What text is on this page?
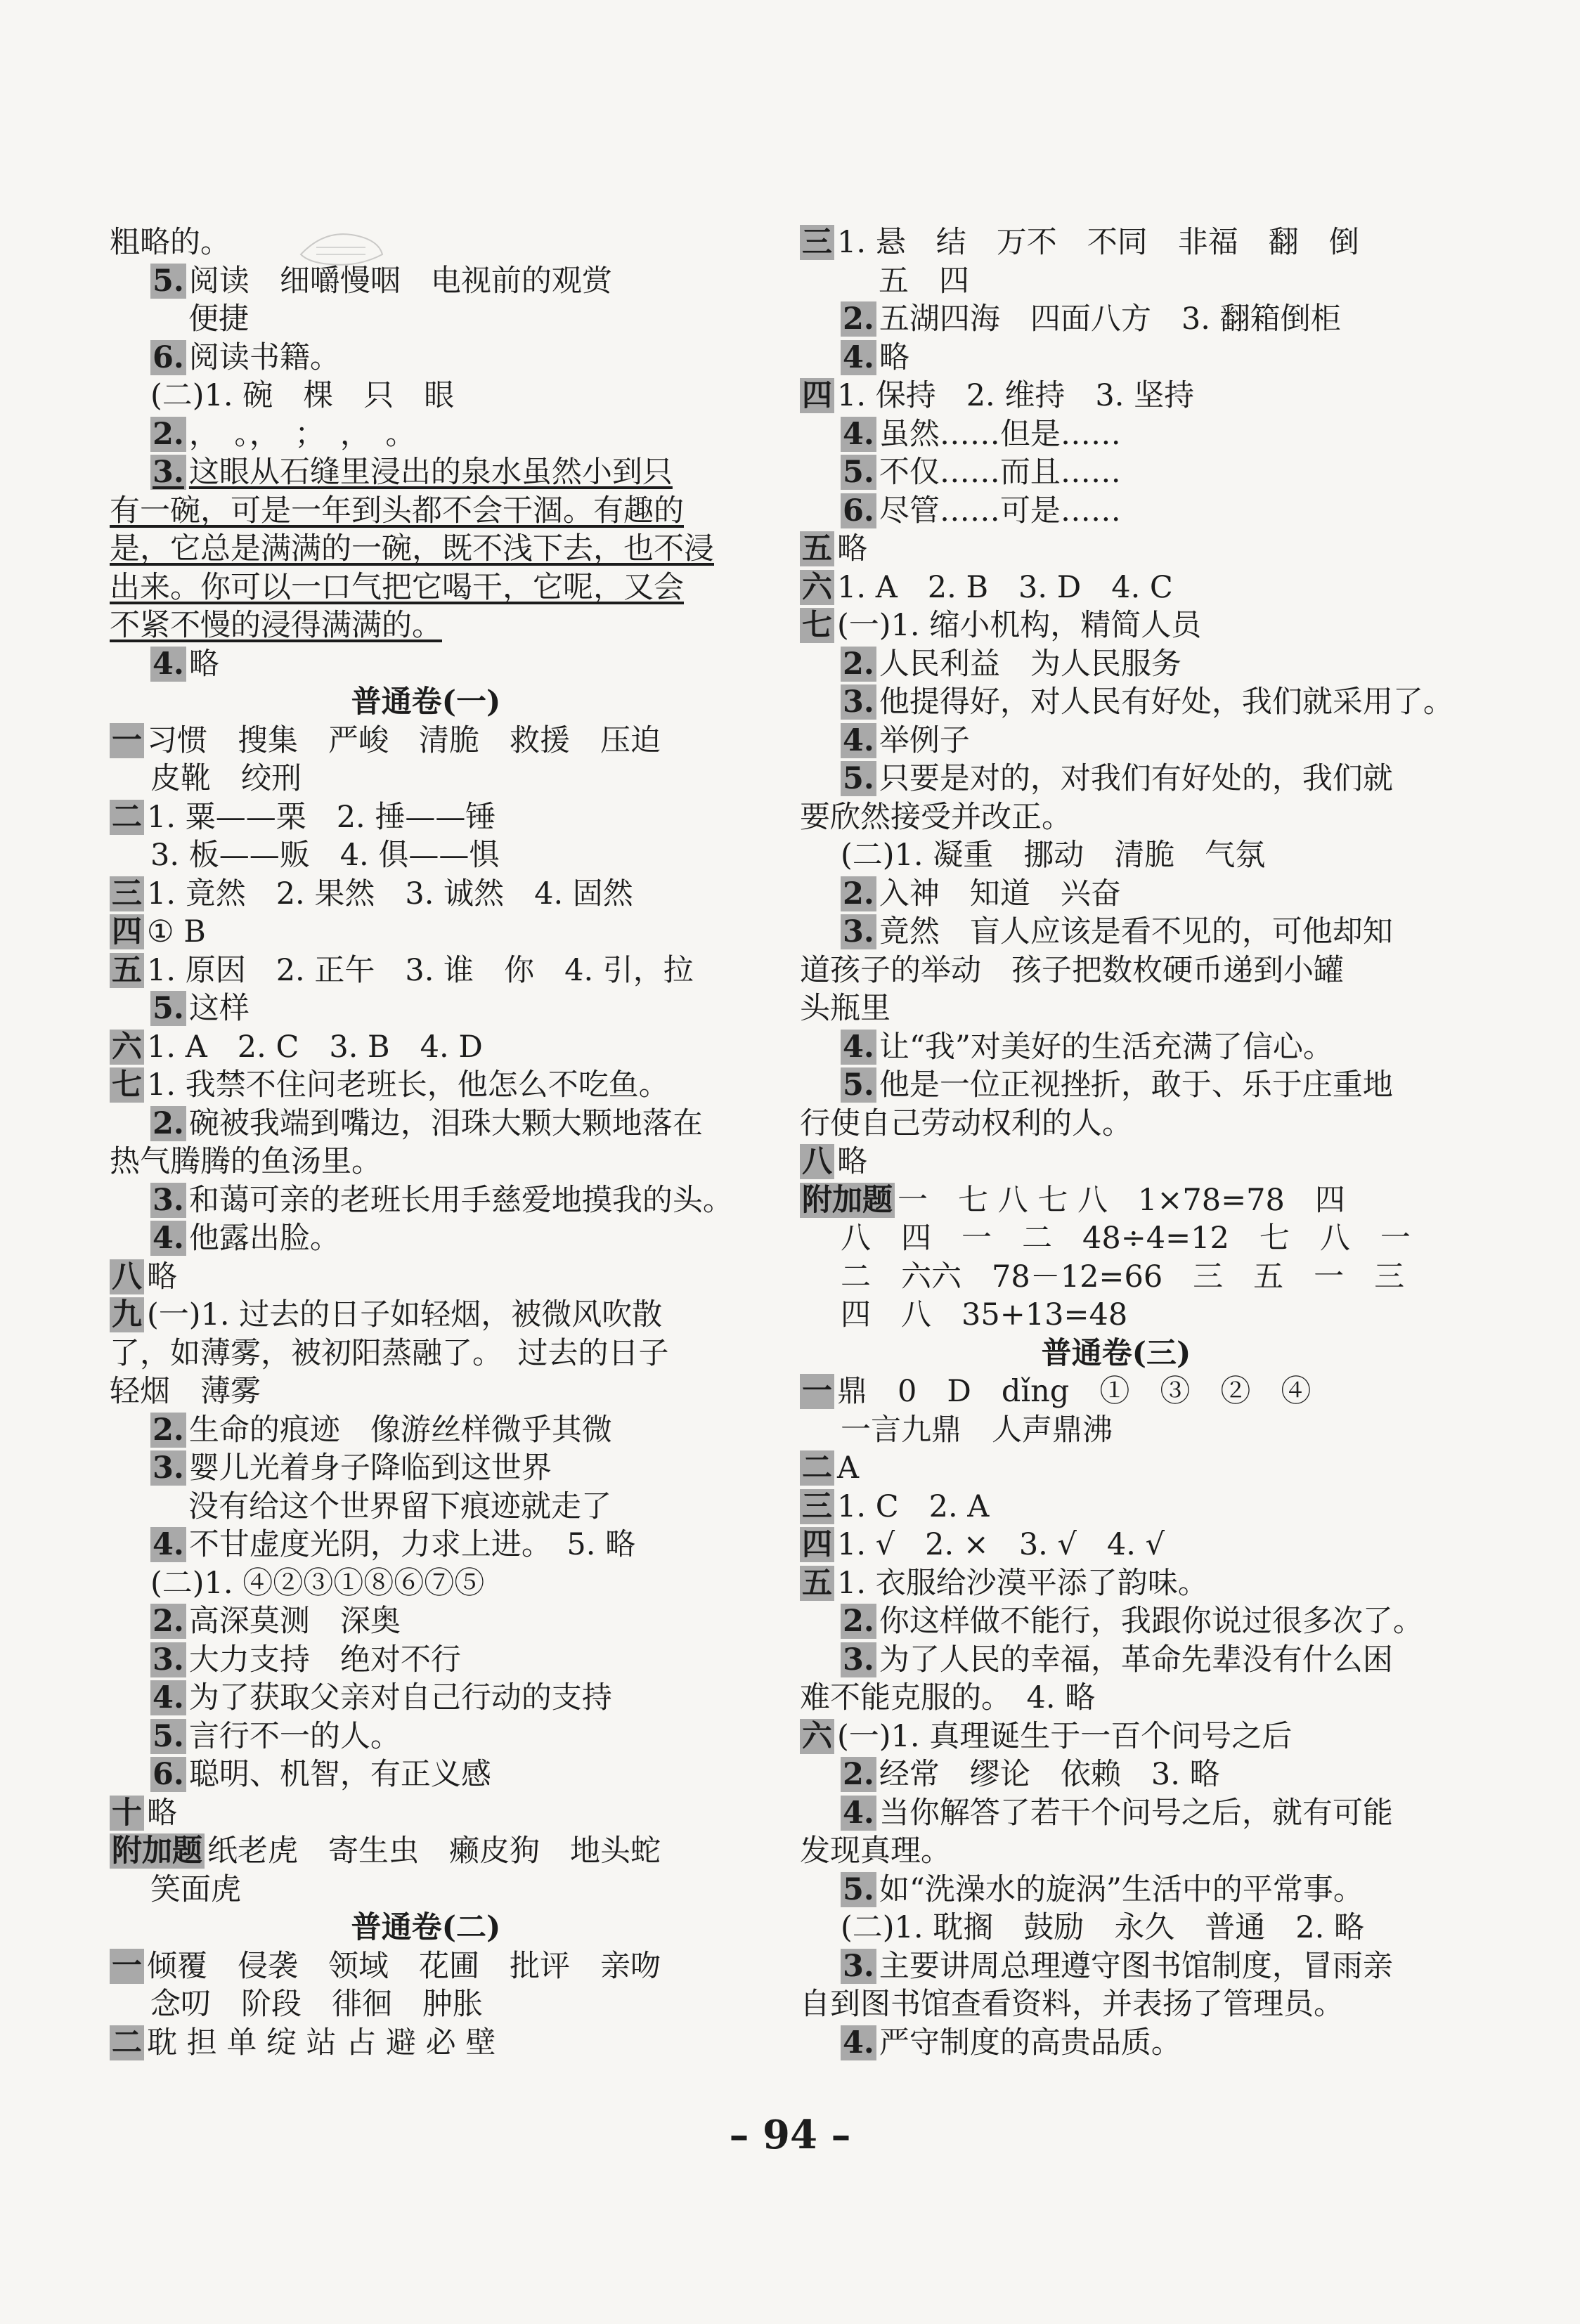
粗略的。
5. 阅读　细嚼慢咽　电视前的观赏
便捷
6. 阅读书籍。
(二)1. 碗　棵　只　眼
2. ，　。，　；　，　。
3. 这眼从石缝里浸出的泉水虽然小到只
有一碗，可是一年到头都不会干涸。有趣的
是，它总是满满的一碗，既不浅下去，也不浸
出来。你可以一口气把它喝干，它呢，又会
不紧不慢的浸得满满的。
4. 略
普通卷(一)
一 习惯　搜集　严峻　清脆　救援　压迫
皮靴　绞刑
二 1. 粟——栗　2. 捶——锤
3. 板——贩　4. 俱——惧
三 1. 竟然　2. 果然　3. 诚然　4. 固然
四 ① B
五 1. 原因　2. 正午　3. 谁　你　4. 引，拉
5. 这样
六 1. A　2. C　3. B　4. D
七 1. 我禁不住问老班长，他怎么不吃鱼。
2. 碗被我端到嘴边，泪珠大颗大颗地落在
热气腾腾的鱼汤里。
3. 和蔼可亲的老班长用手慈爱地摸我的头。
4. 他露出脸。
八 略
九 (一)1. 过去的日子如轻烟，被微风吹散
了，如薄雾，被初阳蒸融了。　过去的日子
轻烟　薄雾
2. 生命的痕迹　像游丝样微乎其微
3. 婴儿光着身子降临到这世界
没有给这个世界留下痕迹就走了
4. 不甘虚度光阴，力求上进。　5. 略
(二)1. ④②③①⑧⑥⑦⑤
2. 高深莫测　深奥
3. 大力支持　绝对不行
4. 为了获取父亲对自己行动的支持
5. 言行不一的人。
6. 聪明、机智，有正义感
十 略
附加题 纸老虎　寄生虫　癞皮狗　地头蛇
笑面虎
普通卷(二)
一 倾覆　侵袭　领域　花圃　批评　亲吻
念叨　阶段　徘徊　肿胀
二 耽 担 单 绽 站 占 避 必 壁
三 1. 悬　结　万不　不同　非福　翻　倒
五　四
2. 五湖四海　四面八方　3. 翻箱倒柜
4. 略
四 1. 保持　2. 维持　3. 坚持
4. 虽然……但是……
5. 不仅……而且……
6. 尽管……可是……
五 略
六 1. A　2. B　3. D　4. C
七 (一)1. 缩小机构，精简人员
2. 人民利益　为人民服务
3. 他提得好，对人民有好处，我们就采用了。
4. 举例子
5. 只要是对的，对我们有好处的，我们就
要欣然接受并改正。
(二)1. 凝重　挪动　清脆　气氛
2. 入神　知道　兴奋
3. 竟然　盲人应该是看不见的，可他却知
道孩子的举动　孩子把数枚硬币递到小罐
头瓶里
4. 让“我”对美好的生活充满了信心。
5. 他是一位正视挫折，敢于、乐于庄重地
行使自己劳动权利的人。
八 略
附加题 一　七 八 七 八　1×78=78　四
八　四　一　二　48÷4=12　七　八　一
二　六六　78－12=66　三　五　一　三
四　八　35+13=48
普通卷(三)
一 鼎　0　D　dǐng　①　③　②　④
一言九鼎　人声鼎沸
二 A
三 1. C　2. A
四 1. √　2. ×　3. √　4. √
五 1. 衣服给沙漠平添了韵味。
2. 你这样做不能行，我跟你说过很多次了。
3. 为了人民的幸福，革命先辈没有什么困
难不能克服的。　4. 略
六 (一)1. 真理诞生于一百个问号之后
2. 经常　缪论　依赖　3. 略
4. 当你解答了若干个问号之后，就有可能
发现真理。
5. 如“洗澡水的旋涡”生活中的平常事。
(二)1. 耽搁　鼓励　永久　普通　2. 略
3. 主要讲周总理遵守图书馆制度，冒雨亲
自到图书馆查看资料，并表扬了管理员。
4. 严守制度的高贵品质。
– 94 –
